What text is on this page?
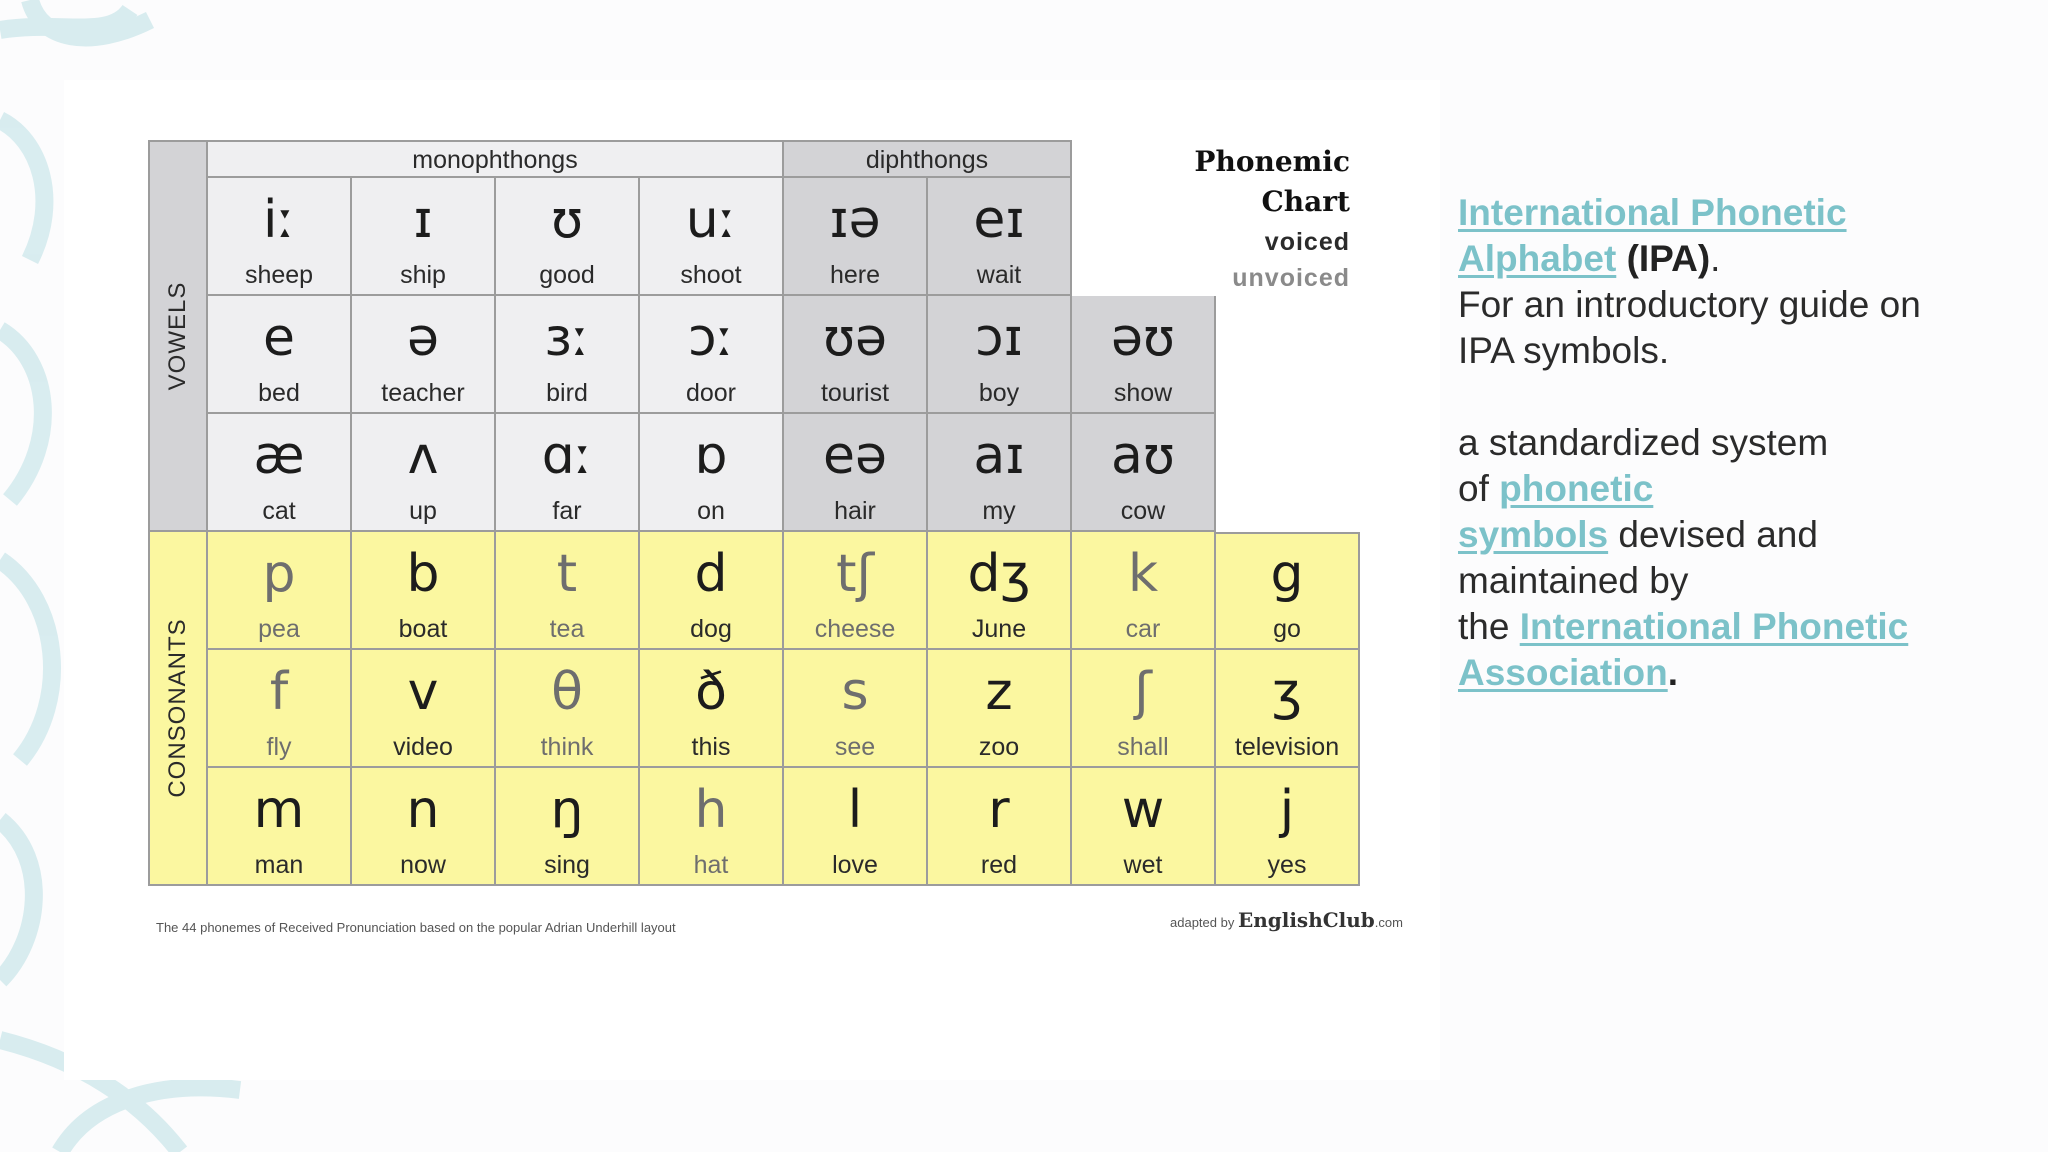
monophthongs	diphthongs
VOWELS
CONSONANTS
Phonemic
Chart
voiced
unvoiced
The 44 phonemes of Received Pronunciation based on the popular Adrian Underhill layout	adapted by EnglishClub.com
iː
sheep
ɪ
ship
ʊ
good
uː
shoot
ɪə
here
eɪ
wait
e
bed
ə
teacher
ɜː
bird
ɔː
door
ʊə
tourist
ɔɪ
boy
əʊ
show
æ
cat
ʌ
up
ɑː
far
ɒ
on
eə
hair
aɪ
my
aʊ
cow
p
pea
b
boat
t
tea
d
dog
tʃ
cheese
dʒ
June
k
car
g
go
f
fly
v
video
θ
think
ð
this
s
see
z
zoo
ʃ
shall
ʒ
television
m
man
n
now
ŋ
sing
h
hat
l
love
r
red
w
wet
j
yes
International Phonetic
Alphabet (IPA).
For an introductory guide on
IPA symbols.
a standardized system
of phonetic
symbols devised and
maintained by
the International Phonetic
Association.
